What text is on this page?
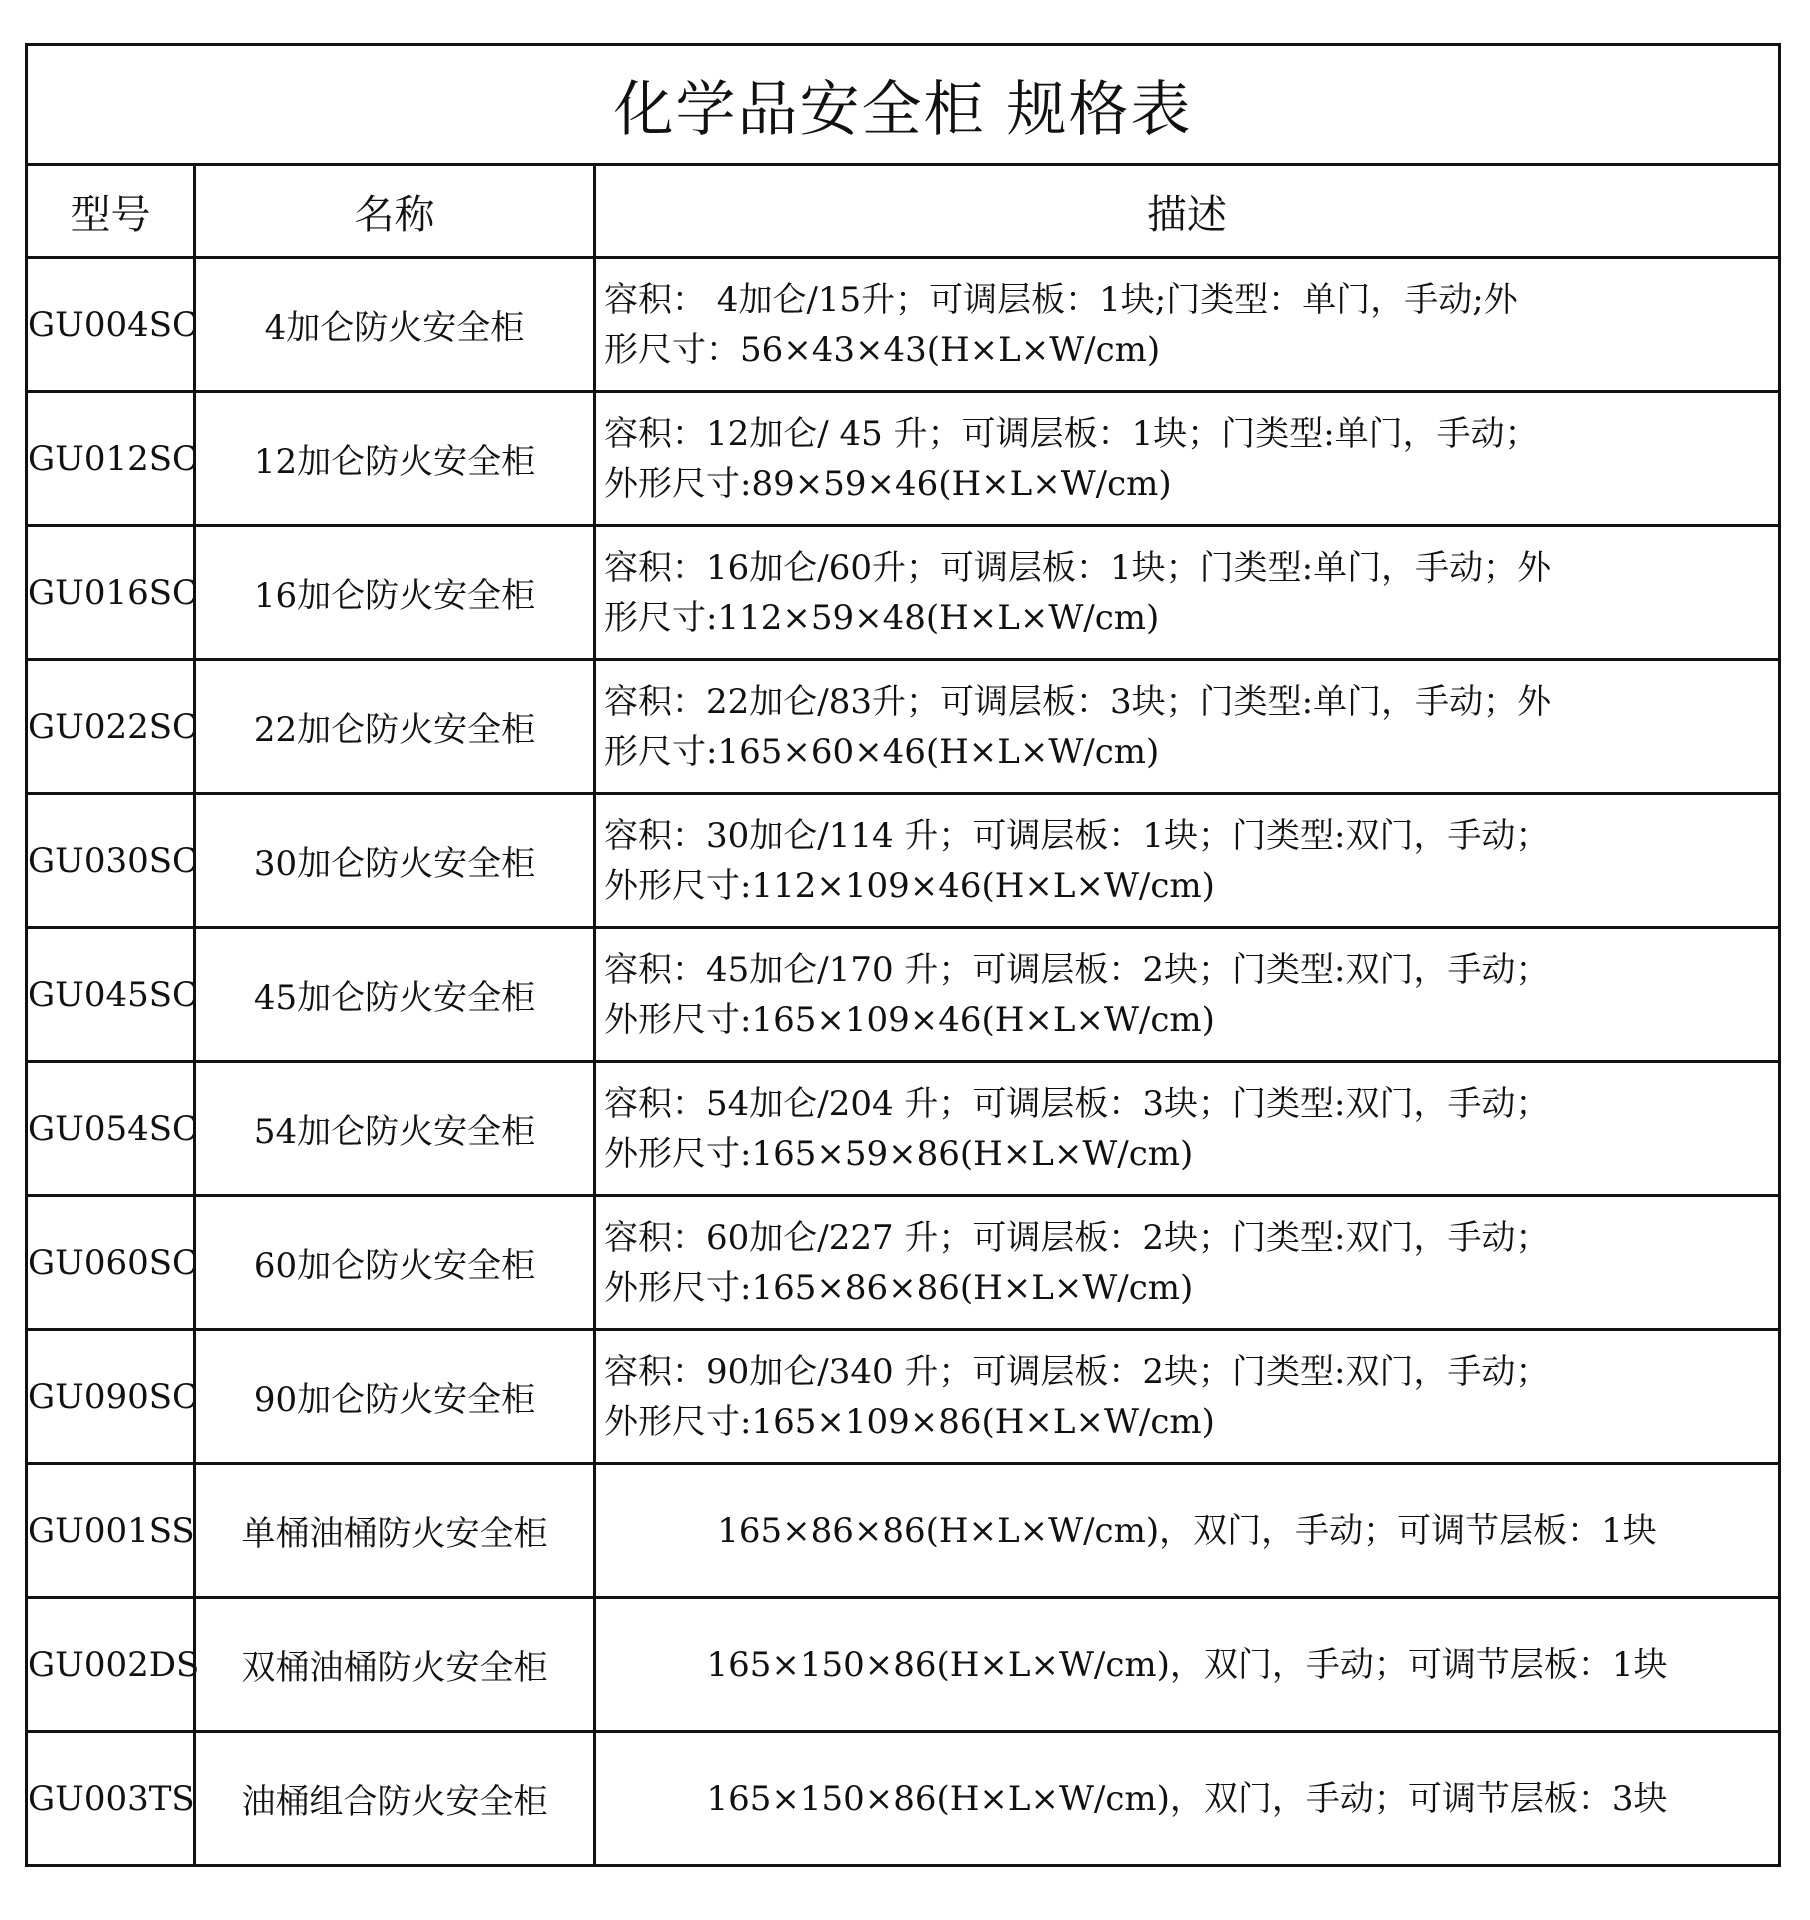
化学品安全柜 规格表		
型号	名称	描述
GU004SC	4加仑防火安全柜	容积： 4加仑/15升；可调层板：1块;门类型：单门，手动;外
形尺寸：56×43×43(H×L×W/cm)

GU012SC	12加仑防火安全柜	容积：12加仑/ 45 升；可调层板：1块；门类型:单门，手动；
外形尺寸:89×59×46(H×L×W/cm)

GU016SC	16加仑防火安全柜	容积：16加仑/60升；可调层板：1块；门类型:单门，手动；外
形尺寸:112×59×48(H×L×W/cm)

GU022SC	22加仑防火安全柜	容积：22加仑/83升；可调层板：3块；门类型:单门，手动；外
形尺寸:165×60×46(H×L×W/cm)

GU030SC	30加仑防火安全柜	容积：30加仑/114 升；可调层板：1块；门类型:双门，手动；
外形尺寸:112×109×46(H×L×W/cm)

GU045SC	45加仑防火安全柜	容积：45加仑/170 升；可调层板：2块；门类型:双门，手动；
外形尺寸:165×109×46(H×L×W/cm)

GU054SC	54加仑防火安全柜	容积：54加仑/204 升；可调层板：3块；门类型:双门，手动；
外形尺寸:165×59×86(H×L×W/cm)

GU060SC	60加仑防火安全柜	容积：60加仑/227 升；可调层板：2块；门类型:双门，手动；
外形尺寸:165×86×86(H×L×W/cm)

GU090SC	90加仑防火安全柜	容积：90加仑/340 升；可调层板：2块；门类型:双门，手动；
外形尺寸:165×109×86(H×L×W/cm)

GU001SS	单桶油桶防火安全柜	165×86×86(H×L×W/cm)，双门，手动；可调节层板：1块

GU002DS	双桶油桶防火安全柜	165×150×86(H×L×W/cm)，双门，手动；可调节层板：1块

GU003TS	油桶组合防火安全柜	165×150×86(H×L×W/cm)，双门，手动；可调节层板：3块
